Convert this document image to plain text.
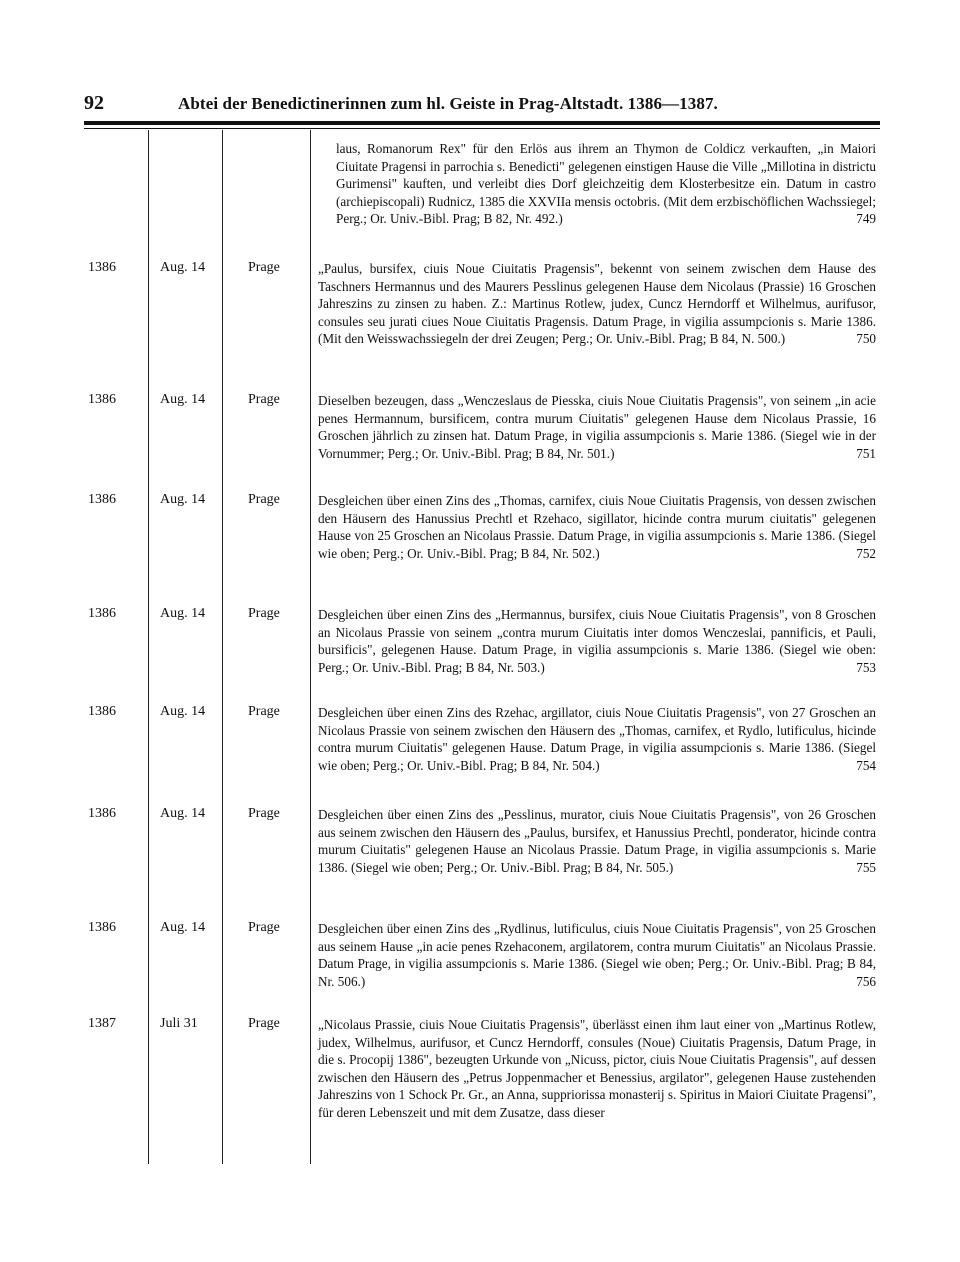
92	Abtei der Benedictinerinnen zum hl. Geiste in Prag-Altstadt. 1386—1387.
laus, Romanorum Rex" für den Erlös aus ihrem an Thymon de Coldicz verkauften, „in Maiori Ciuitate Pragensi in parrochia s. Benedicti" gelegenen einstigen Hause die Ville „Millotina in districtu Gurimensi" kauften, und verleibt dies Dorf gleichzeitig dem Klosterbesitze ein. Datum in castro (archiepiscopali) Rudnicz, 1385 die XXVIIa mensis octobris. (Mit dem erzbischöflichen Wachssiegel; Perg.; Or. Univ.-Bibl. Prag; B 82, Nr. 492.)	749
1386	Aug. 14	Prage	„Paulus, bursifex, ciuis Noue Ciuitatis Pragensis", bekennt von seinem zwischen dem Hause des Taschners Hermannus und des Maurers Pesslinus gelegenen Hause dem Nicolaus (Prassie) 16 Groschen Jahreszins zu zinsen zu haben. Z.: Martinus Rotlew, judex, Cuncz Herndorff et Wilhelmus, aurifusor, consules seu jurati ciues Noue Ciuitatis Pragensis. Datum Prage, in vigilia assumpcionis s. Marie 1386. (Mit den Weisswachssiegeln der drei Zeugen; Perg.; Or. Univ.-Bibl. Prag; B 84, N. 500.)	750
1386	Aug. 14	Prage	Dieselben bezeugen, dass „Wenczeslaus de Piesska, ciuis Noue Ciuitatis Pragensis", von seinem „in acie penes Hermannum, bursificem, contra murum Ciuitatis" gelegenen Hause dem Nicolaus Prassie, 16 Groschen jährlich zu zinsen hat. Datum Prage, in vigilia assumpcionis s. Marie 1386. (Siegel wie in der Vornummer; Perg.; Or. Univ.-Bibl. Prag; B 84, Nr. 501.)	751
1386	Aug. 14	Prage	Desgleichen über einen Zins des „Thomas, carnifex, ciuis Noue Ciuitatis Pragensis, von dessen zwischen den Häusern des Hanussius Prechtl et Rzehaco, sigillator, hicinde contra murum ciuitatis" gelegenen Hause von 25 Groschen an Nicolaus Prassie. Datum Prage, in vigilia assumpcionis s. Marie 1386. (Siegel wie oben; Perg.; Or. Univ.-Bibl. Prag; B 84, Nr. 502.)	752
1386	Aug. 14	Prage	Desgleichen über einen Zins des „Hermannus, bursifex, ciuis Noue Ciuitatis Pragensis", von 8 Groschen an Nicolaus Prassie von seinem „contra murum Ciuitatis inter domos Wenczeslai, pannificis, et Pauli, bursificis", gelegenen Hause. Datum Prage, in vigilia assumpcionis s. Marie 1386. (Siegel wie oben: Perg.; Or. Univ.-Bibl. Prag; B 84, Nr. 503.)	753
1386	Aug. 14	Prage	Desgleichen über einen Zins des Rzehac, argillator, ciuis Noue Ciuitatis Pragensis", von 27 Groschen an Nicolaus Prassie von seinem zwischen den Häusern des „Thomas, carnifex, et Rydlo, lutificulus, hicinde contra murum Ciuitatis" gelegenen Hause. Datum Prage, in vigilia assumpcionis s. Marie 1386. (Siegel wie oben; Perg.; Or. Univ.-Bibl. Prag; B 84, Nr. 504.)	754
1386	Aug. 14	Prage	Desgleichen über einen Zins des „Pesslinus, murator, ciuis Noue Ciuitatis Pragensis", von 26 Groschen aus seinem zwischen den Häusern des „Paulus, bursifex, et Hanussius Prechtl, ponderator, hicinde contra murum Ciuitatis" gelegenen Hause an Nicolaus Prassie. Datum Prage, in vigilia assumpcionis s. Marie 1386. (Siegel wie oben; Perg.; Or. Univ.-Bibl. Prag; B 84, Nr. 505.)	755
1386	Aug. 14	Prage	Desgleichen über einen Zins des „Rydlinus, lutificulus, ciuis Noue Ciuitatis Pragensis", von 25 Groschen aus seinem Hause „in acie penes Rzehaconem, argilatorem, contra murum Ciuitatis" an Nicolaus Prassie. Datum Prage, in vigilia assumpcionis s. Marie 1386. (Siegel wie oben; Perg.; Or. Univ.-Bibl. Prag; B 84, Nr. 506.)	756
1387	Juli 31	Prage	„Nicolaus Prassie, ciuis Noue Ciuitatis Pragensis", überlässt einen ihm laut einer von „Martinus Rotlew, judex, Wilhelmus, aurifusor, et Cuncz Herndorff, consules (Noue) Ciuitatis Pragensis, Datum Prage, in die s. Procopij 1386", bezeugten Urkunde von „Nicuss, pictor, ciuis Noue Ciuitatis Pragensis", auf dessen zwischen den Häusern des „Petrus Joppenmacher et Benessius, argilator", gelegenen Hause zustehenden Jahreszins von 1 Schock Pr. Gr., an Anna, suppriorissa monasterij s. Spiritus in Maiori Ciuitate Pragensi", für deren Lebenszeit und mit dem Zusatze, dass dieser
